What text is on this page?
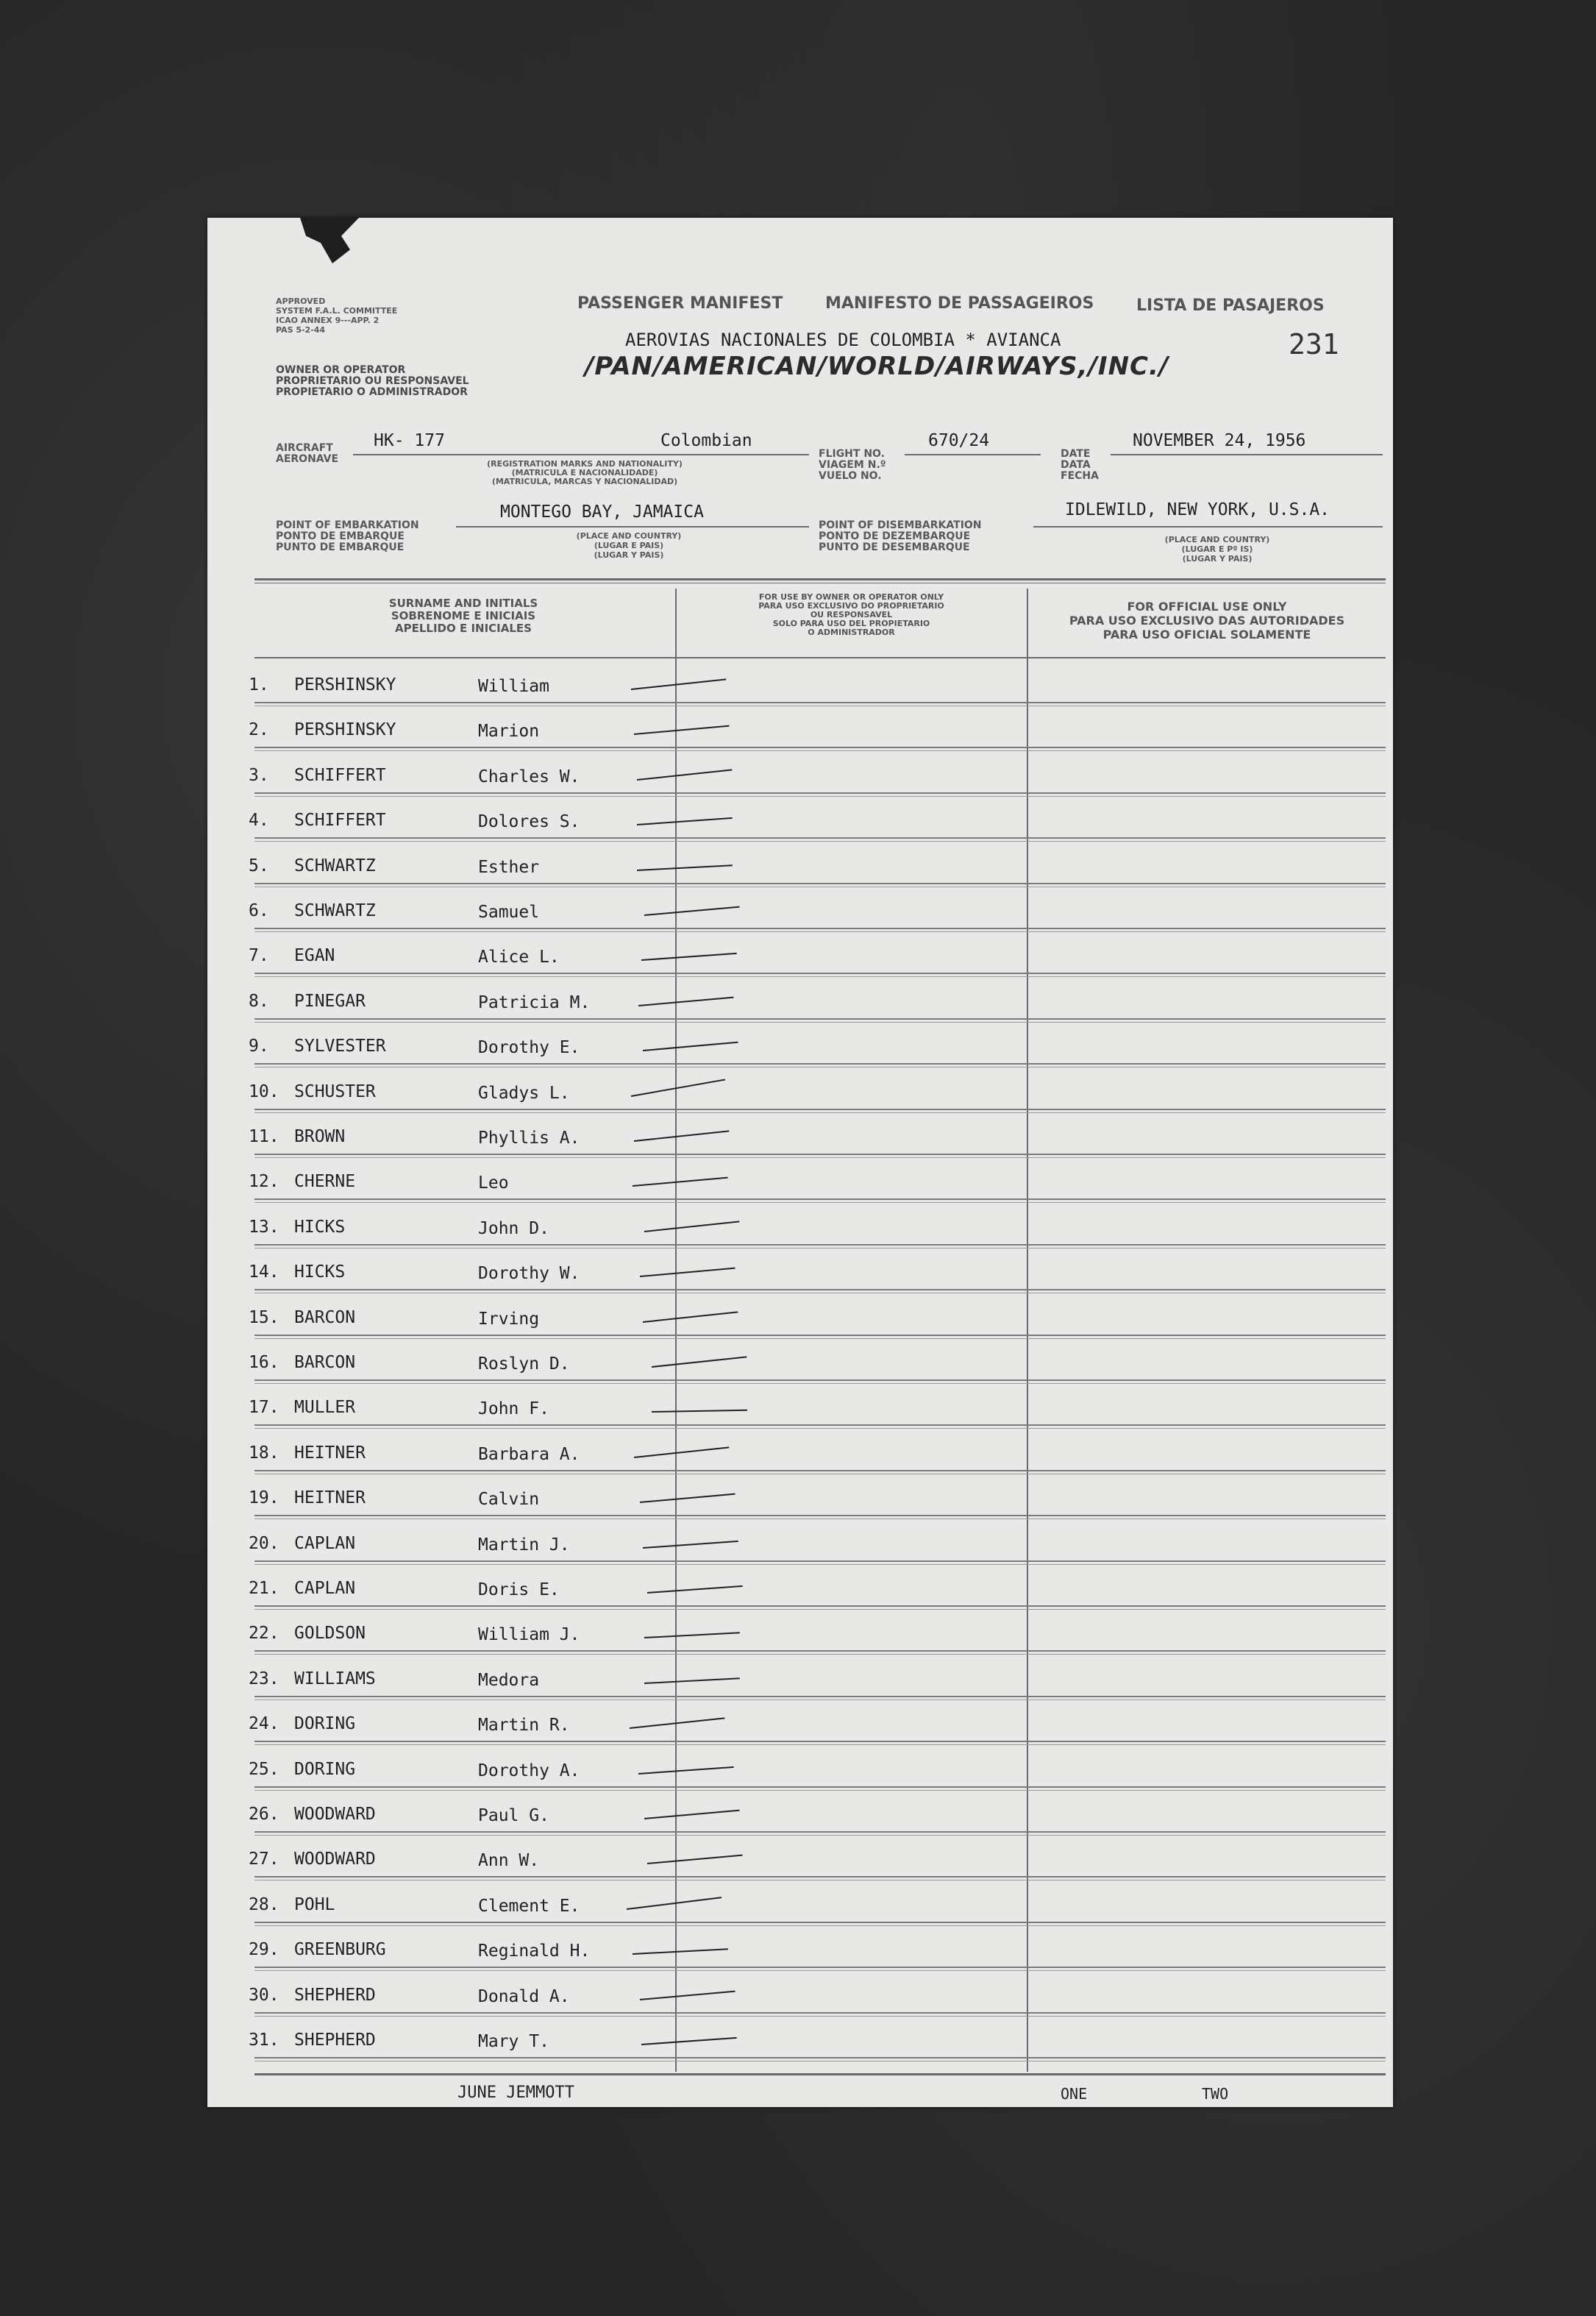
APPROVED
SYSTEM F.A.L. COMMITTEE
ICAO ANNEX 9---APP. 2
PAS 5-2-44
OWNER OR OPERATOR
PROPRIETARIO OU RESPONSAVEL
PROPIETARIO O ADMINISTRADOR
PASSENGER MANIFEST	MANIFESTO DE PASSAGEIROS	LISTA DE PASAJEROS
231
AEROVIAS NACIONALES DE COLOMBIA * AVIANCA
/PAN/AMERICAN/WORLD/AIRWAYS,/INC./
AIRCRAFT
AERONAVE
HK- 177	Colombian
(REGISTRATION MARKS AND NATIONALITY)
(MATRICULA E NACIONALIDADE)
(MATRICULA, MARCAS Y NACIONALIDAD)
FLIGHT NO.
VIAGEM N.º
VUELO NO.
670/24
DATE
DATA
FECHA
NOVEMBER 24, 1956
POINT OF EMBARKATION
PONTO DE EMBARQUE
PUNTO DE EMBARQUE
MONTEGO BAY, JAMAICA
(PLACE AND COUNTRY)
(LUGAR E PAIS)
(LUGAR Y PAIS)
POINT OF DISEMBARKATION
PONTO DE DEZEMBARQUE
PUNTO DE DESEMBARQUE
IDLEWILD, NEW YORK, U.S.A.
(PLACE AND COUNTRY)
(LUGAR E Pº IS)
(LUGAR Y PAIS)
SURNAME AND INITIALS
SOBRENOME E INICIAIS
APELLIDO E INICIALES
FOR USE BY OWNER OR OPERATOR ONLY
PARA USO EXCLUSIVO DO PROPRIETARIO
OU RESPONSAVEL
SOLO PARA USO DEL PROPIETARIO
O ADMINISTRADOR
FOR OFFICIAL USE ONLY
PARA USO EXCLUSIVO DAS AUTORIDADES
PARA USO OFICIAL SOLAMENTE
1. PERSHINSKY	William
2. PERSHINSKY	Marion
3. SCHIFFERT	Charles W.
4. SCHIFFERT	Dolores S.
5. SCHWARTZ	Esther
6. SCHWARTZ	Samuel
7. EGAN	Alice L.
8. PINEGAR	Patricia M.
9. SYLVESTER	Dorothy E.
10. SCHUSTER	Gladys L.
11. BROWN	Phyllis A.
12. CHERNE	Leo
13. HICKS	John D.
14. HICKS	Dorothy W.
15. BARCON	Irving
16. BARCON	Roslyn D.
17. MULLER	John F.
18. HEITNER	Barbara A.
19. HEITNER	Calvin
20. CAPLAN	Martin J.
21. CAPLAN	Doris E.
22. GOLDSON	William J.
23. WILLIAMS	Medora
24. DORING	Martin R.
25. DORING	Dorothy A.
26. WOODWARD	Paul G.
27. WOODWARD	Ann W.
28. POHL	Clement E.
29. GREENBURG	Reginald H.
30. SHEPHERD	Donald A.
31. SHEPHERD	Mary T.
JUNE JEMMOTT	ONE	TWO
